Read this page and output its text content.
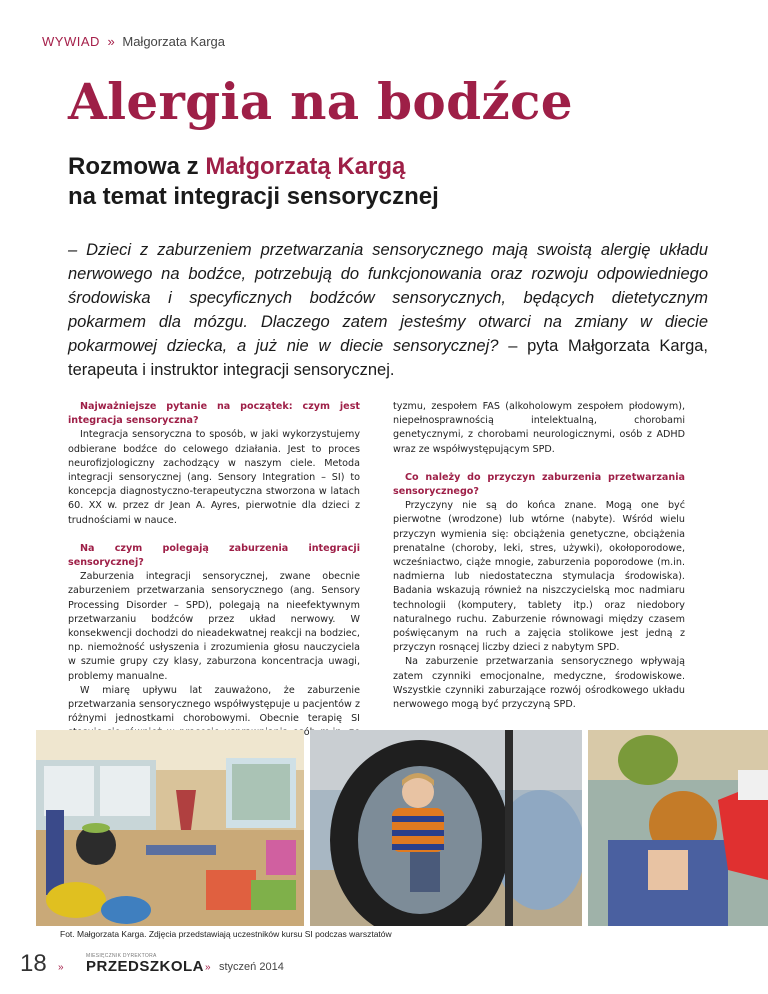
WYWIAD » Małgorzata Karga
Alergia na bodźce
Rozmowa z Małgorzatą Kargą
na temat integracji sensorycznej
– Dzieci z zaburzeniem przetwarzania sensorycznego mają swoistą alergię układu nerwowego na bodźce, potrzebują do funkcjonowania oraz rozwoju odpowiedniego środowiska i specyficznych bodźców sensorycznych, będących dietetycznym pokarmem dla mózgu. Dlaczego zatem jesteśmy otwarci na zmiany w diecie pokarmowej dziecka, a już nie w diecie sensorycznej? – pyta Małgorzata Karga, terapeuta i instruktor integracji sensorycznej.

Najważniejsze pytanie na początek: czym jest integracja sensoryczna?

Integracja sensoryczna to sposób, w jaki wykorzystujemy odbierane bodźce do celowego działania. Jest to proces neurofizjologiczny zachodzący w naszym ciele. Metoda integracji sensorycznej (ang. Sensory Integration – SI) to koncepcja diagnostyczno-terapeutyczna stworzona w latach 60. XX w. przez dr Jean A. Ayres, pierwotnie dla dzieci z trudnościami w nauce.

Na czym polegają zaburzenia integracji sensorycznej?

Zaburzenia integracji sensorycznej, zwane obecnie zaburzeniem przetwarzania sensorycznego (ang. Sensory Processing Disorder – SPD), polegają na nieefektywnym przetwarzaniu bodźców przez układ nerwowy. W konsekwencji dochodzi do nieadekwatnej reakcji na bodziec, np. niemożność usłyszenia i zrozumienia głosu nauczyciela w szumie grupy czy klasy, zaburzona koncentracja uwagi, problemy manualne.

W miarę upływu lat zauważono, że zaburzenie przetwarzania sensorycznego współwystępuje u pacjentów z różnymi jednostkami chorobowymi. Obecnie terapię SI osób

tyzmu, zespołem FAS (alkoholowym zespołem płodowym), niepełnosprawnością intelektualną, chorobami genetycznymi, z chorobami neurologicznymi, osób z ADHD wraz ze współwystępującym SPD.

Co należy do przyczyn zaburzenia przetwarzania sensorycznego?

Przyczyny nie są do końca znane. Mogą one być pierwotne (wrodzone) lub wtórne (nabyte). Wśród wielu przyczyn wymienia się: obciążenia genetyczne, obciążenia prenatalne (choroby, leki, stres, używki), okołoporodowe, wcześniactwo, ciąże mnogie, zaburzenia poporodowe (m.in. nadmierna lub niedostateczna stymulacja środowiska). Badania wskazują również na niszczycielską moc nadmiaru technologii (komputery, tablety itp.) oraz niedobory naturalnego ruchu. Zaburzenie równowagi między czasem poświęcanym na ruch a zajęcia stolikowe jest jedną z przyczyn rosnącej liczby dzieci z nabytym SPD.

Na zaburzenie przetwarzania sensorycznego wpływają zatem czynniki emocjonalne, medyczne, środowiskowe. Wszystkie czynniki zaburzające rozwój ośrodkowego układu nerwowego mogą być przyczyną SPD.

Fot. Małgorzata Karga. Zdjęcia przedstawiają uczestników kursu SI podczas warsztatów
18 »
MIESIĘCZNIK DYREKTORA
PRZEDSZKOLA » styczeń 2014
